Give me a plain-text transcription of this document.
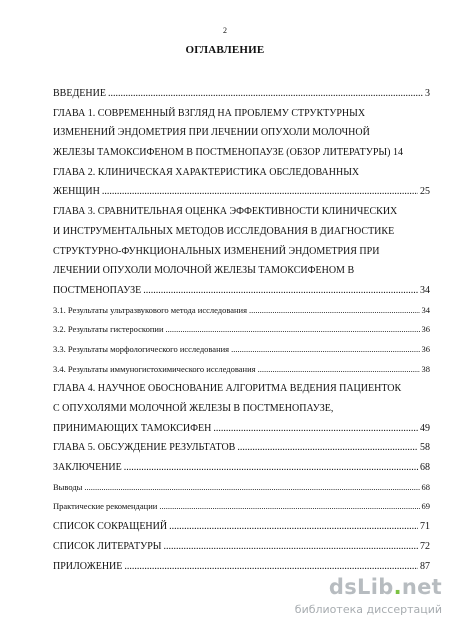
2
ОГЛАВЛЕНИЕ
ВВЕДЕНИЕ .....	3
ГЛАВА 1. СОВРЕМЕННЫЙ ВЗГЛЯД НА ПРОБЛЕМУ СТРУКТУРНЫХ
ИЗМЕНЕНИЙ ЭНДОМЕТРИЯ ПРИ ЛЕЧЕНИИ ОПУХОЛИ МОЛОЧНОЙ
ЖЕЛЕЗЫ ТАМОКСИФЕНОМ В ПОСТМЕНОПАУЗЕ (ОБЗОР ЛИТЕРАТУРЫ) 14
ГЛАВА 2. КЛИНИЧЕСКАЯ ХАРАКТЕРИСТИКА ОБСЛЕДОВАННЫХ
ЖЕНЩИН .....	25
ГЛАВА 3. СРАВНИТЕЛЬНАЯ ОЦЕНКА ЭФФЕКТИВНОСТИ КЛИНИЧЕСКИХ
И ИНСТРУМЕНТАЛЬНЫХ МЕТОДОВ ИССЛЕДОВАНИЯ В ДИАГНОСТИКЕ
СТРУКТУРНО-ФУНКЦИОНАЛЬНЫХ ИЗМЕНЕНИЙ ЭНДОМЕТРИЯ ПРИ
ЛЕЧЕНИИ ОПУХОЛИ МОЛОЧНОЙ ЖЕЛЕЗЫ ТАМОКСИФЕНОМ В
ПОСТМЕНОПАУЗЕ .....	34
3.1. Результаты ультразвукового метода исследования .....	34
3.2. Результаты гистероскопии .....	36
3.3. Результаты морфологического исследования .....	36
3.4. Результаты иммуногистохимического исследования .....	38
ГЛАВА 4. НАУЧНОЕ ОБОСНОВАНИЕ АЛГОРИТМА ВЕДЕНИЯ ПАЦИЕНТОК
С ОПУХОЛЯМИ МОЛОЧНОЙ ЖЕЛЕЗЫ В ПОСТМЕНОПАУЗЕ,
ПРИНИМАЮЩИХ ТАМОКСИФЕН .....	49
ГЛАВА 5. ОБСУЖДЕНИЕ РЕЗУЛЬТАТОВ .....	58
ЗАКЛЮЧЕНИЕ .....	68
Выводы .....	68
Практические рекомендации .....	69
СПИСОК СОКРАЩЕНИЙ .....	71
СПИСОК ЛИТЕРАТУРЫ .....	72
ПРИЛОЖЕНИЕ .....	87
dsLib.net
библиотека диссертаций
